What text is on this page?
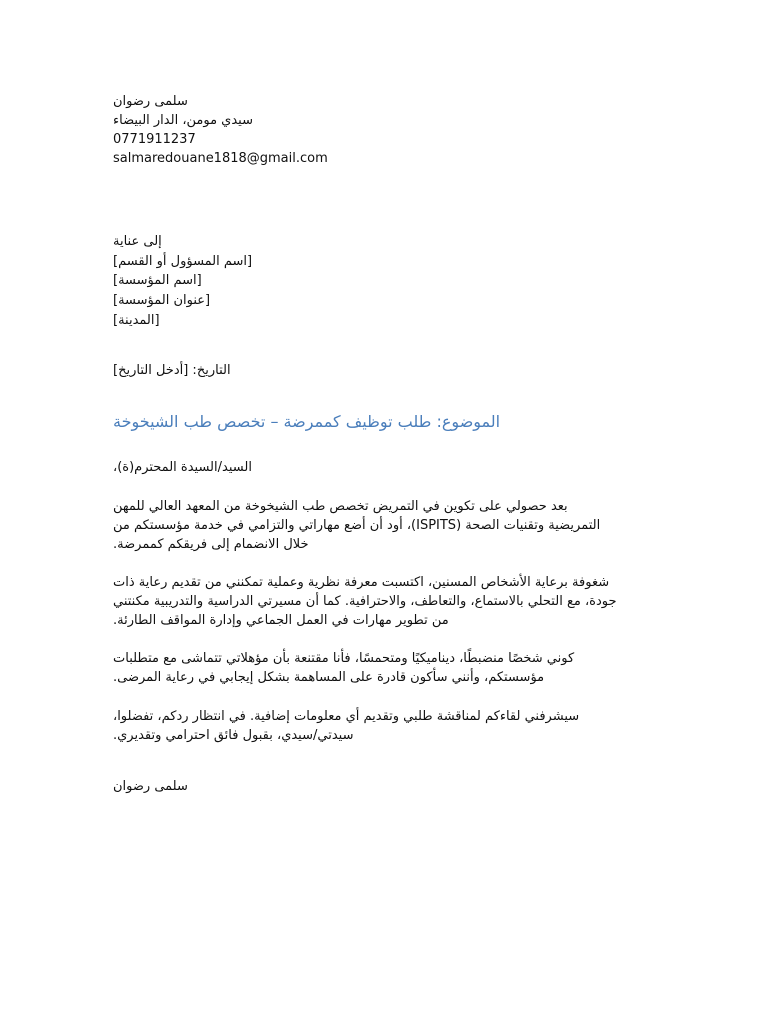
سلمى رضوان
سيدي مومن، الدار البيضاء
0771911237
salmaredouane1818@gmail.com
إلى عناية
[اسم المسؤول أو القسم]
[اسم المؤسسة]
[عنوان المؤسسة]
[المدينة]
التاريخ: [أدخل التاريخ]
الموضوع: طلب توظيف كممرضة – تخصص طب الشيخوخة
السيد/السيدة المحترم(ة)،
بعد حصولي على تكوين في التمريض تخصص طب الشيخوخة من المعهد العالي للمهن
التمريضية وتقنيات الصحة (ISPITS)، أود أن أضع مهاراتي والتزامي في خدمة مؤسستكم من
خلال الانضمام إلى فريقكم كممرضة.
شغوفة برعاية الأشخاص المسنين، اكتسبت معرفة نظرية وعملية تمكنني من تقديم رعاية ذات
جودة، مع التحلي بالاستماع، والتعاطف، والاحترافية. كما أن مسيرتي الدراسية والتدريبية مكنتني
من تطوير مهارات في العمل الجماعي وإدارة المواقف الطارئة.
كوني شخصًا منضبطًا، ديناميكيًا ومتحمسًا، فأنا مقتنعة بأن مؤهلاتي تتماشى مع متطلبات
مؤسستكم، وأنني سأكون قادرة على المساهمة بشكل إيجابي في رعاية المرضى.
سيشرفني لقاءكم لمناقشة طلبي وتقديم أي معلومات إضافية. في انتظار ردكم، تفضلوا،
سيدتي/سيدي، بقبول فائق احترامي وتقديري.
سلمى رضوان
